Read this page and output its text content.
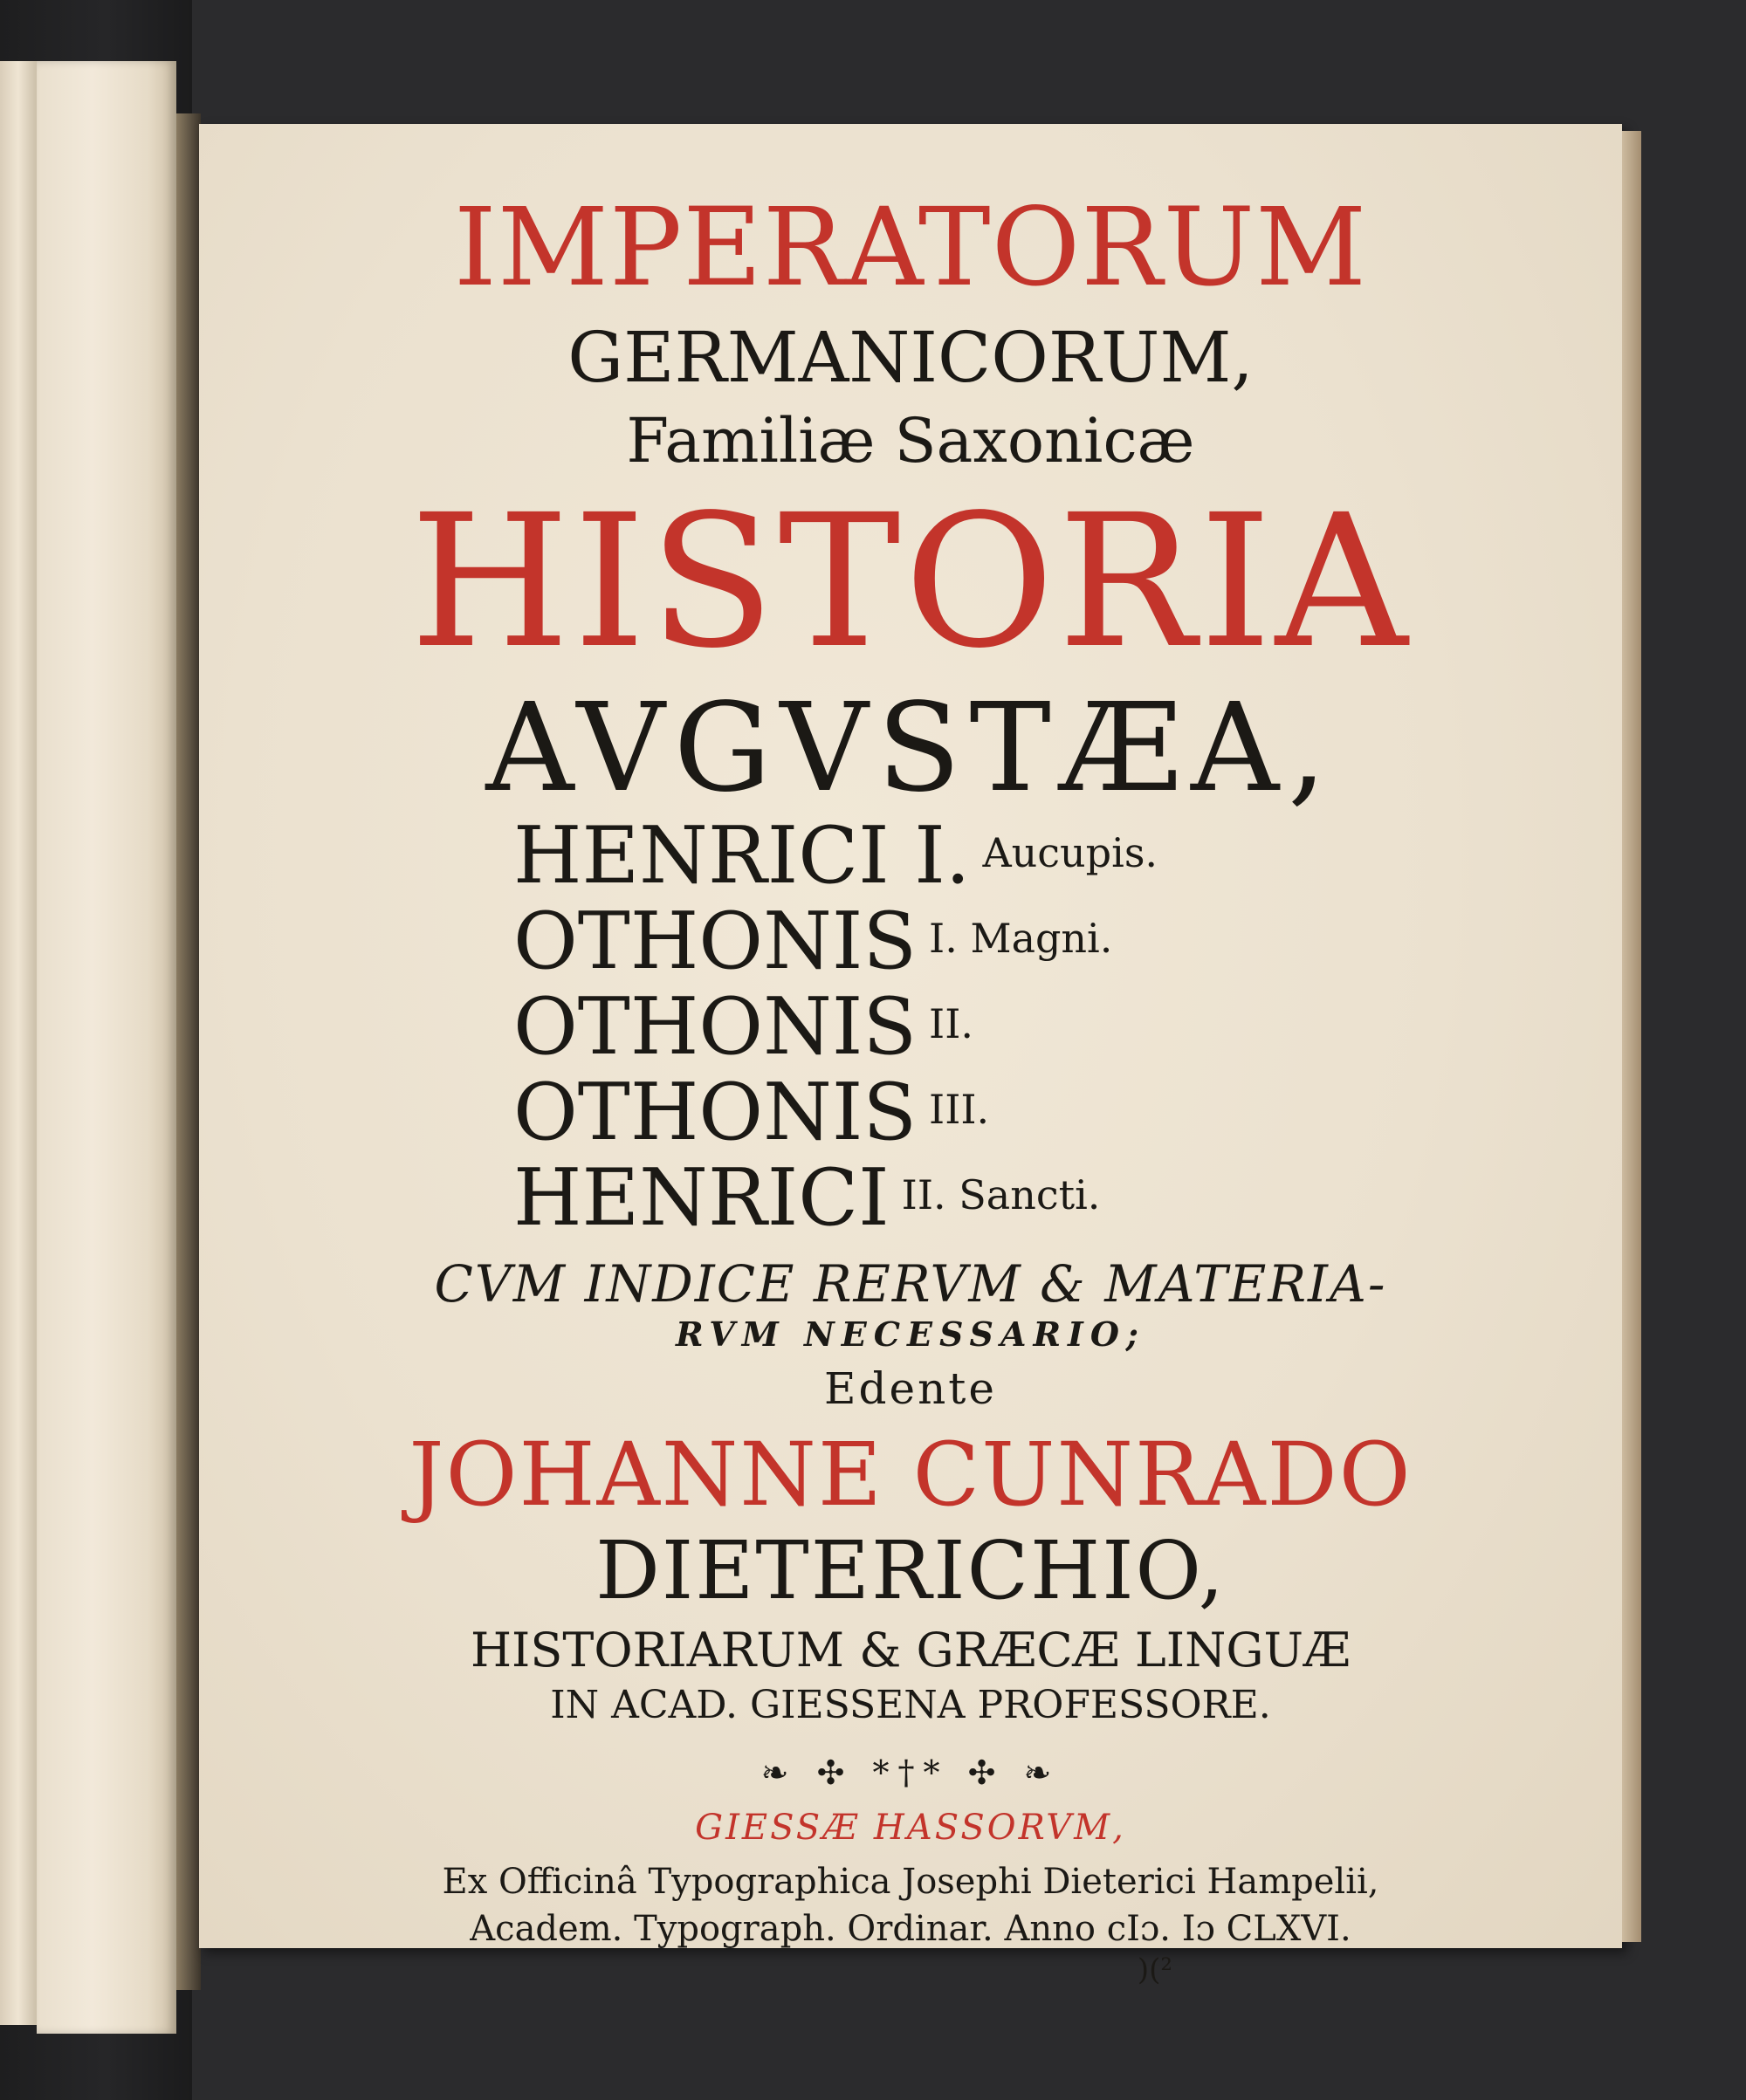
IMPERATORUM
GERMANICORUM,
Familiæ Saxonicæ
HISTORIA
AVGVSTÆA,
HENRICI I. $^{Aucupis.}$
OTHONIS $^{I. Magni.}$
OTHONIS $^{II.}$
OTHONIS $^{III.}$
HENRICI $^{II. Sancti.}$
CVM INDICE RERVM & MATERIA-
RVM NECESSARIO;
Edente
JOHANNE CUNRADO
DIETERICHIO,
HISTORIARUM & GRÆCÆ LINGUÆ
IN ACAD. GIESSENA PROFESSORE.
❧ ✣ *†* ✣ ❧
GIESSÆ HASSORVM,
Ex Officinâ Typographica Josephi Dieterici Hampelii,
Academ. Typograph. Ordinar. Anno cIɔ. Iɔ CLXVI.
)(²
